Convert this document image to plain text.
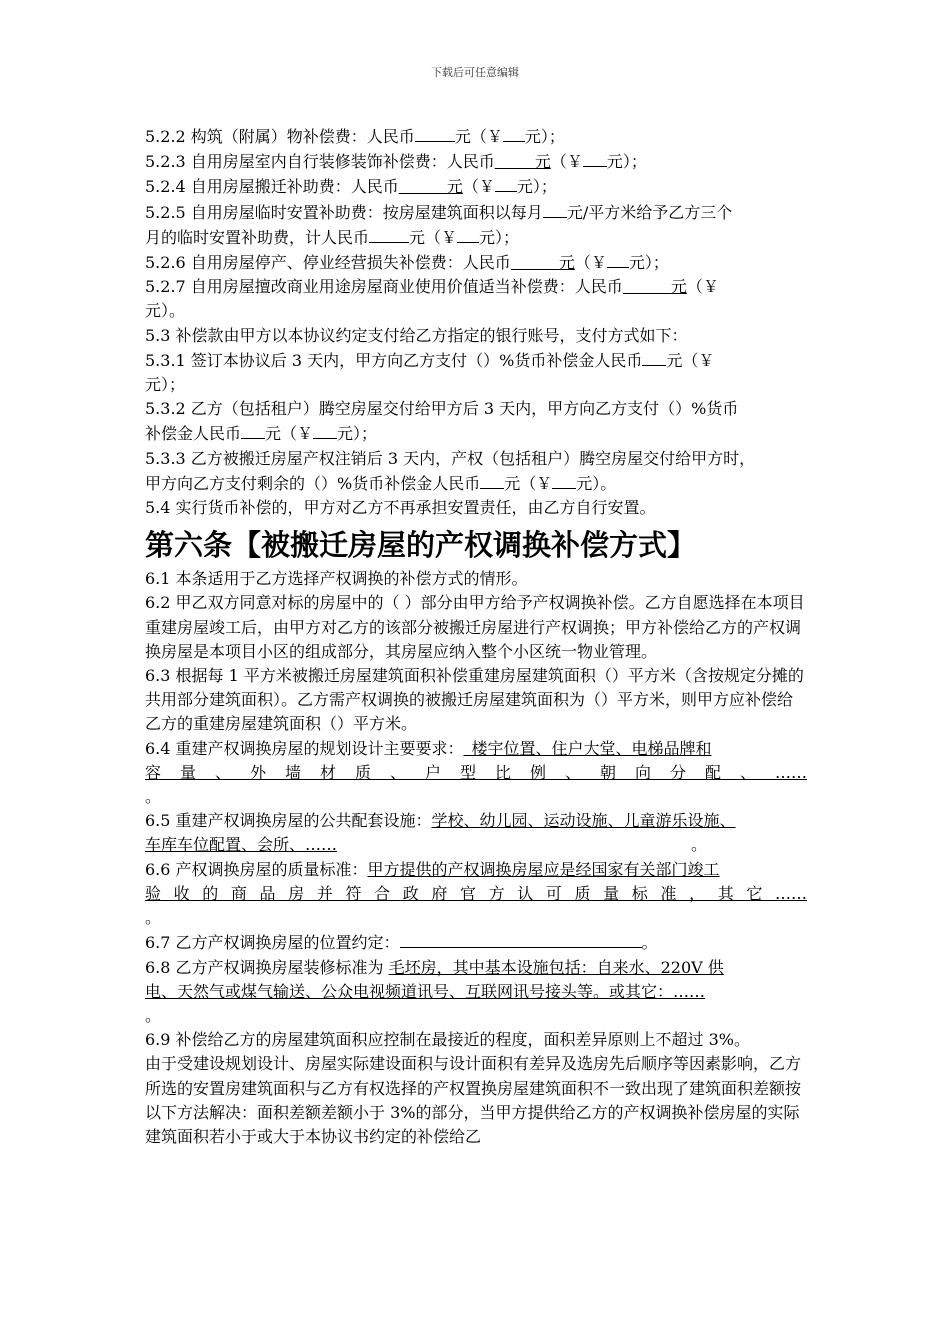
下载后可任意编辑

5.2.2 构筑（附属）物补偿费：人民币	元（￥ 元）；

5.2.3 自用房屋室内自行装修装饰补偿费：人民币   	元（￥ 元）；

5.2.4 自用房屋搬迁补助费：人民币   	元（￥ 元）；

5.2.5 自用房屋临时安置补助费：按房屋建筑面积以每月 元/平方米给予乙方三个

月的临时安置补助费，计人民币	元（￥ 元）；

5.2.6 自用房屋停产、停业经营损失补偿费：人民币   	元（￥ 元）；

5.2.7 自用房屋擅改商业用途房屋商业使用价值适当补偿费：人民币   	元（￥

元）。

5.3 补偿款由甲方以本协议约定支付给乙方指定的银行账号，支付方式如下：

5.3.1 签订本协议后 3 天内，甲方向乙方支付（）%货币补偿金人民币 元（￥

元）；

5.3.2 乙方（包括租户）腾空房屋交付给甲方后 3 天内，甲方向乙方支付（）%货币

补偿金人民币 元（￥ 元）；

5.3.3 乙方被搬迁房屋产权注销后 3 天内，产权（包括租户）腾空房屋交付给甲方时，

甲方向乙方支付剩余的（）%货币补偿金人民币 元（￥ 元）。

5.4 实行货币补偿的，甲方对乙方不再承担安置责任，由乙方自行安置。

第六条【被搬迁房屋的产权调换补偿方式】

6.1 本条适用于乙方选择产权调换的补偿方式的情形。

6.2 甲乙双方同意对标的房屋中的（ ）部分由甲方给予产权调换补偿。乙方自愿选择在本项目重建房屋竣工后，由甲方对乙方的该部分被搬迁房屋进行产权调换；甲方补偿给乙方的产权调换房屋是本项目小区的组成部分，其房屋应纳入整个小区统一物业管理。

6.3 根据每 1 平方米被搬迁房屋建筑面积补偿重建房屋建筑面积（）平方米（含按规定分摊的共用部分建筑面积）。乙方需产权调换的被搬迁房屋建筑面积为（）平方米，则甲方应补偿给乙方的重建房屋建筑面积（）平方米。

6.4 重建产权调换房屋的规划设计主要要求：  楼宇位置、住户大堂、电梯品牌和

容 量 、 外 墙 材 质 、 户 型 比 例 、 朝 向 分 配 、 ……

。

6.5 重建产权调换房屋的公共配套设施：学校、幼儿园、运动设施、儿童游乐设施、

车库车位配置、会所、……	。

6.6 产权调换房屋的质量标准：甲方提供的产权调换房屋应是经国家有关部门竣工

验 收 的 商 品 房 并 符 合 政 府 官 方 认 可 质 量 标 准 ， 其 它 ……

。

6.7 乙方产权调换房屋的位置约定：	。

6.8 乙方产权调换房屋装修标准为 毛坯房，其中基本设施包括：自来水、220V 供

电、天然气或煤气输送、公众电视频道讯号、互联网讯号接头等。或其它：……

。

6.9 补偿给乙方的房屋建筑面积应控制在最接近的程度，面积差异原则上不超过 3%。

由于受建设规划设计、房屋实际建设面积与设计面积有差异及选房先后顺序等因素影响，乙方所选的安置房建筑面积与乙方有权选择的产权置换房屋建筑面积不一致出现了建筑面积差额按以下方法解决：面积差额差额小于 3%的部分，当甲方提供给乙方的产权调换补偿房屋的实际建筑面积若小于或大于本协议书约定的补偿给乙
